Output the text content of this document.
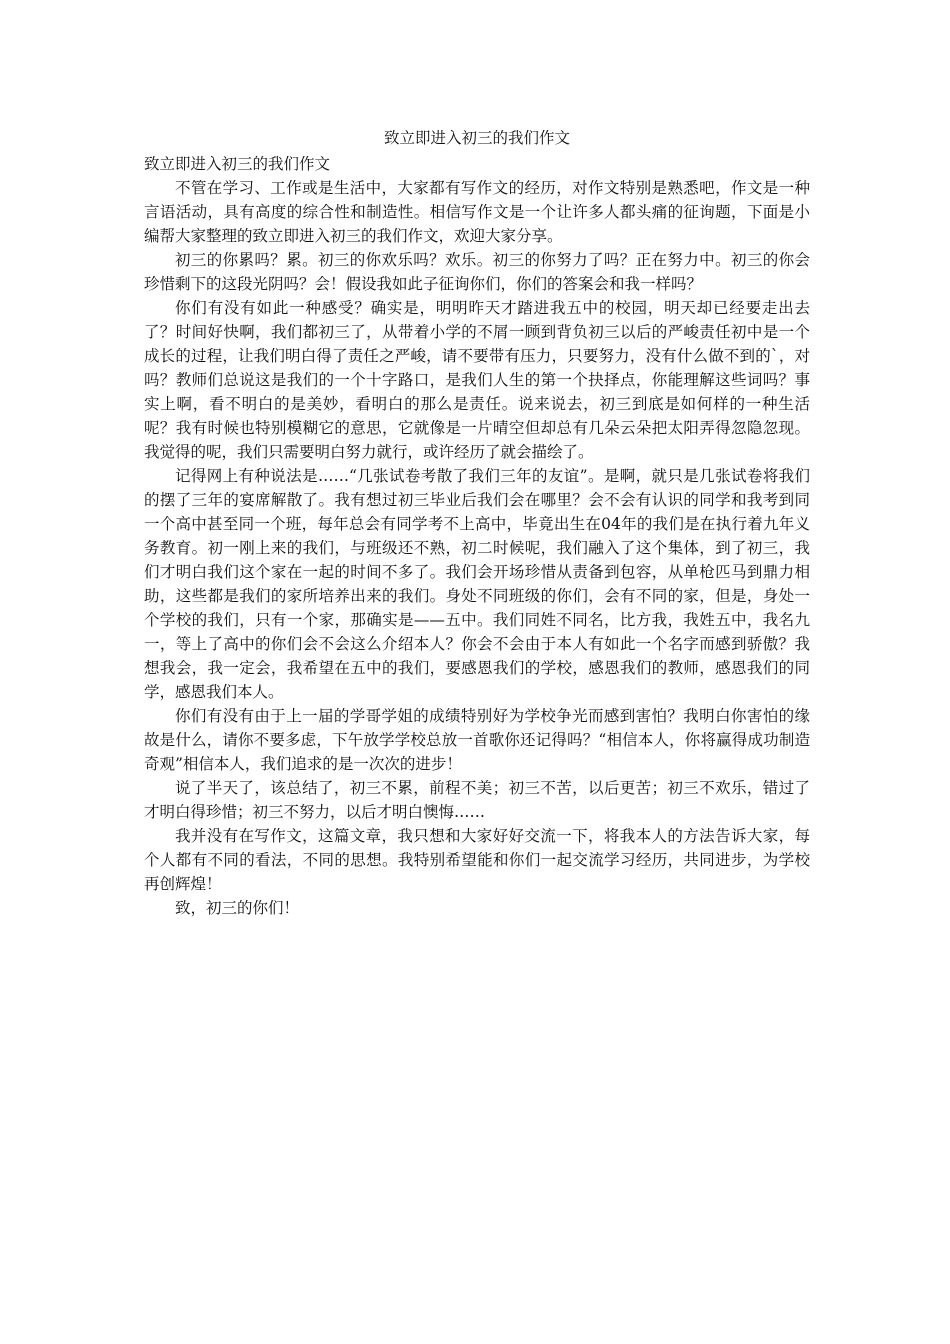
致立即进入初三的我们作文

致立即进入初三的我们作文

不管在学习、工作或是生活中，大家都有写作文的经历，对作文特别是熟悉吧，作文是一种言语活动，具有高度的综合性和制造性。相信写作文是一个让许多人都头痛的征询题，下面是小编帮大家整理的致立即进入初三的我们作文，欢迎大家分享。

初三的你累吗？累。初三的你欢乐吗？欢乐。初三的你努力了吗？正在努力中。初三的你会珍惜剩下的这段光阴吗？会！假设我如此子征询你们，你们的答案会和我一样吗？

你们有没有如此一种感受？确实是，明明昨天才踏进我五中的校园，明天却已经要走出去了？时间好快啊，我们都初三了，从带着小学的不屑一顾到背负初三以后的严峻责任初中是一个成长的过程，让我们明白得了责任之严峻，请不要带有压力，只要努力，没有什么做不到的`，对吗？教师们总说这是我们的一个十字路口，是我们人生的第一个抉择点，你能理解这些词吗？事实上啊，看不明白的是美妙，看明白的那么是责任。说来说去，初三到底是如何样的一种生活呢？我有时候也特别模糊它的意思，它就像是一片晴空但却总有几朵云朵把太阳弄得忽隐忽现。我觉得的呢，我们只需要明白努力就行，或许经历了就会描绘了。

记得网上有种说法是……“几张试卷考散了我们三年的友谊”。是啊，就只是几张试卷将我们的摆了三年的宴席解散了。我有想过初三毕业后我们会在哪里？会不会有认识的同学和我考到同一个高中甚至同一个班，每年总会有同学考不上高中，毕竟出生在04年的我们是在执行着九年义务教育。初一刚上来的我们，与班级还不熟，初二时候呢，我们融入了这个集体，到了初三，我们才明白我们这个家在一起的时间不多了。我们会开场珍惜从责备到包容，从单枪匹马到鼎力相助，这些都是我们的家所培养出来的我们。身处不同班级的你们，会有不同的家，但是，身处一个学校的我们，只有一个家，那确实是——五中。我们同姓不同名，比方我，我姓五中，我名九一，等上了高中的你们会不会这么介绍本人？你会不会由于本人有如此一个名字而感到骄傲？我想我会，我一定会，我希望在五中的我们，要感恩我们的学校，感恩我们的教师，感恩我们的同学，感恩我们本人。

你们有没有由于上一届的学哥学姐的成绩特别好为学校争光而感到害怕？我明白你害怕的缘故是什么，请你不要多虑，下午放学学校总放一首歌你还记得吗？“相信本人，你将赢得成功制造奇观”相信本人，我们追求的是一次次的进步！

说了半天了，该总结了，初三不累，前程不美；初三不苦，以后更苦；初三不欢乐，错过了才明白得珍惜；初三不努力，以后才明白懊悔……

我并没有在写作文，这篇文章，我只想和大家好好交流一下，将我本人的方法告诉大家，每个人都有不同的看法，不同的思想。我特别希望能和你们一起交流学习经历，共同进步，为学校再创辉煌！

致，初三的你们！
